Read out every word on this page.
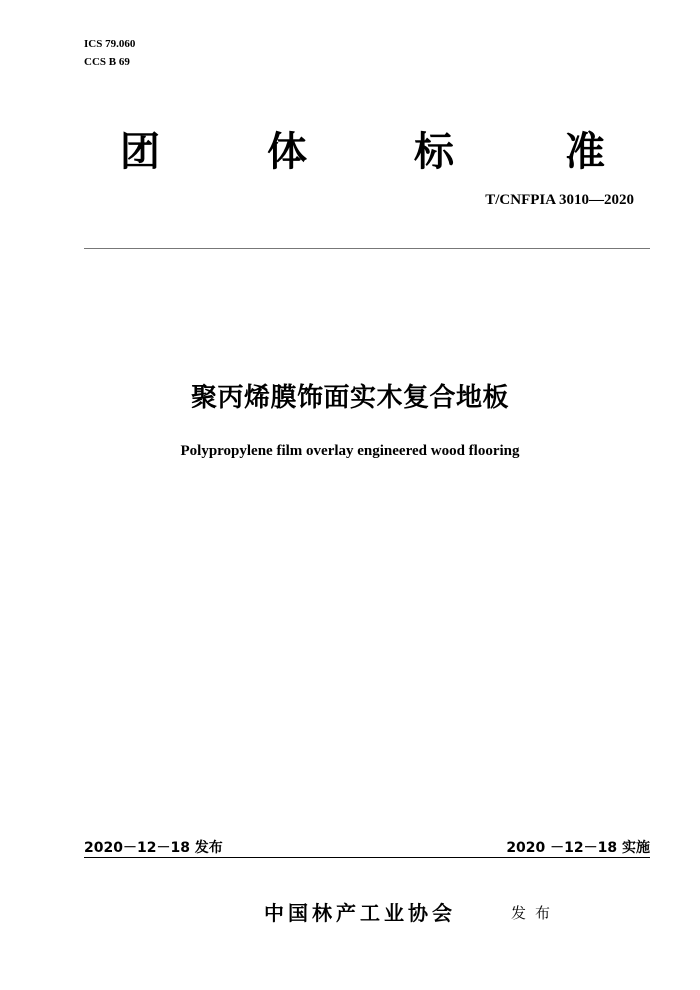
ICS 79.060
CCS B 69
团	体	标	准
T/CNFPIA 3010—2020
聚丙烯膜饰面实木复合地板
Polypropylene film overlay engineered wood flooring
2020－12－18 发布	2020 －12－18 实施
中国林产工业协会	发布
